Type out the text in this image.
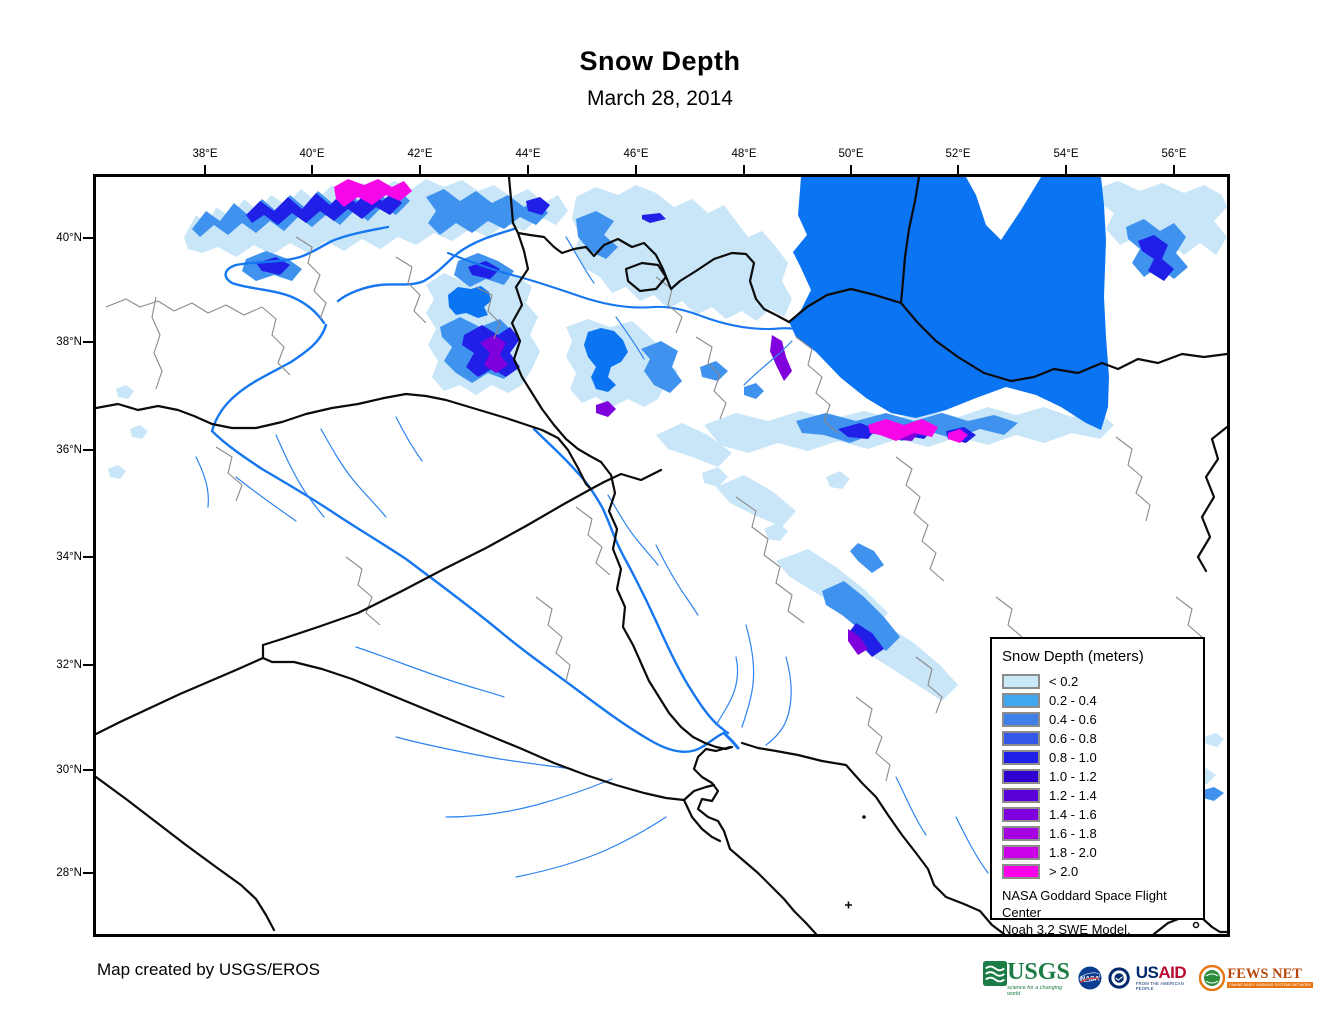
Snow Depth
March 28, 2014
38°E	40°E	42°E	44°E	46°E	48°E	50°E	52°E	54°E	56°E
40°N
38°N
36°N
34°N
32°N
30°N
28°N
Snow Depth (meters)
< 0.2
0.2 - 0.4
0.4 - 0.6
0.6 - 0.8
0.8 - 1.0
1.0 - 1.2
1.2 - 1.4
1.4 - 1.6
1.6 - 1.8
1.8 - 2.0
> 2.0
NASA Goddard Space Flight Center
Noah 3.2 SWE Model.
Map created by USGS/EROS	USGS
science for a changing world
NASA USAID
FROM THE AMERICAN PEOPLE
FEWS NET
FAMINE EARLY WARNING SYSTEMS NETWORK
